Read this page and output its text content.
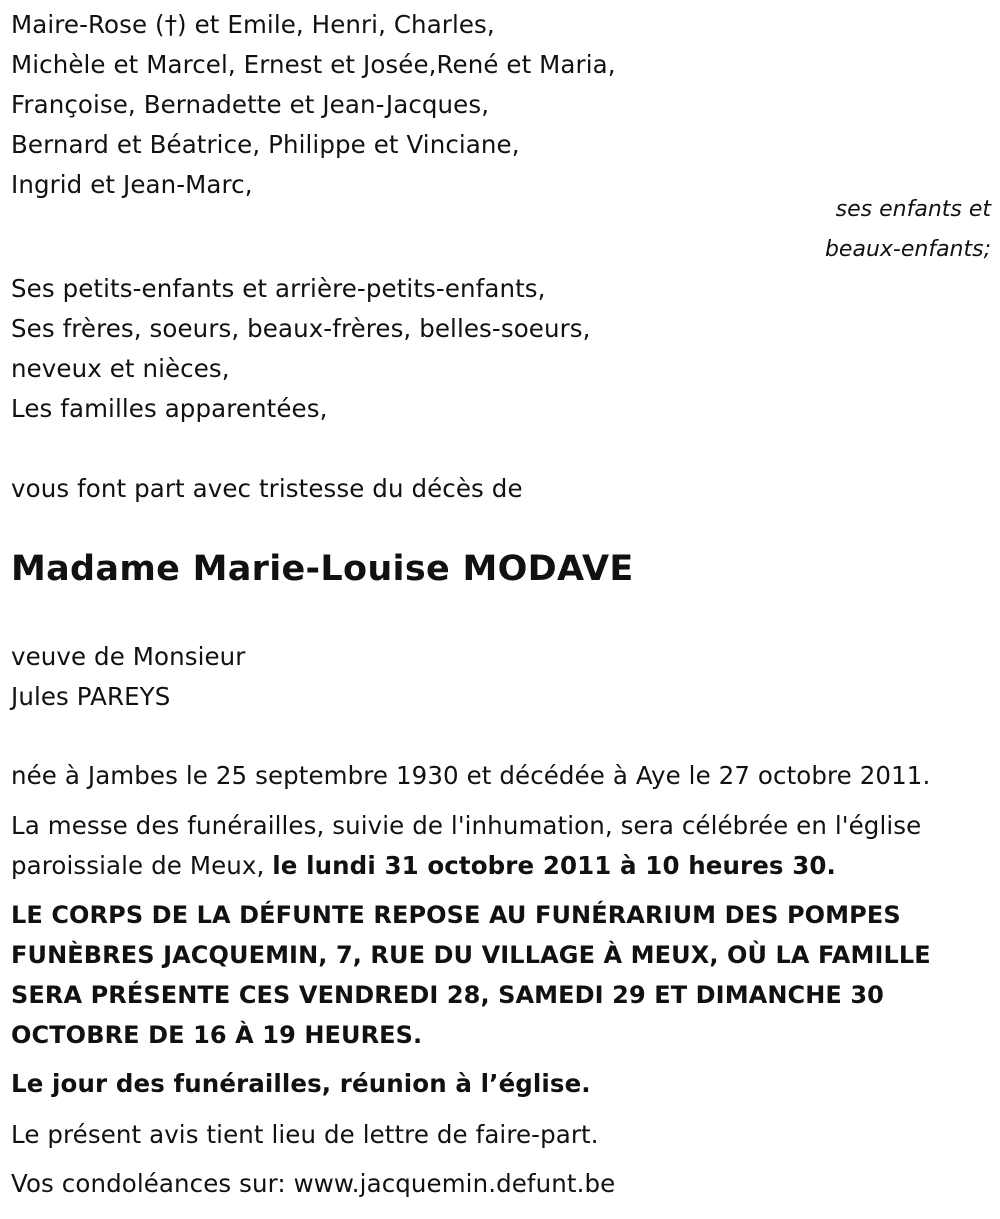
Maire-Rose (†) et Emile, Henri, Charles,
Michèle et Marcel, Ernest et Josée,René et Maria,
Françoise, Bernadette et Jean-Jacques,
Bernard et Béatrice, Philippe et Vinciane,
Ingrid et Jean-Marc,
ses enfants et
beaux-enfants;
Ses petits-enfants et arrière-petits-enfants,
Ses frères, soeurs, beaux-frères, belles-soeurs,
neveux et nièces,
Les familles apparentées,
vous font part avec tristesse du décès de
Madame Marie-Louise MODAVE
veuve de Monsieur
Jules PAREYS
née à Jambes le 25 septembre 1930 et décédée à Aye le 27 octobre 2011.
La messe des funérailles, suivie de l'inhumation, sera célébrée en l'église
paroissiale de Meux, le lundi 31 octobre 2011 à 10 heures 30.
LE CORPS DE LA DÉFUNTE REPOSE AU FUNÉRARIUM DES POMPES
FUNÈBRES JACQUEMIN, 7, RUE DU VILLAGE À MEUX, OÙ LA FAMILLE
SERA PRÉSENTE CES VENDREDI 28, SAMEDI 29 ET DIMANCHE 30
OCTOBRE DE 16 À 19 HEURES.
Le jour des funérailles, réunion à l’église.
Le présent avis tient lieu de lettre de faire-part.
Vos condoléances sur: www.jacquemin.defunt.be
